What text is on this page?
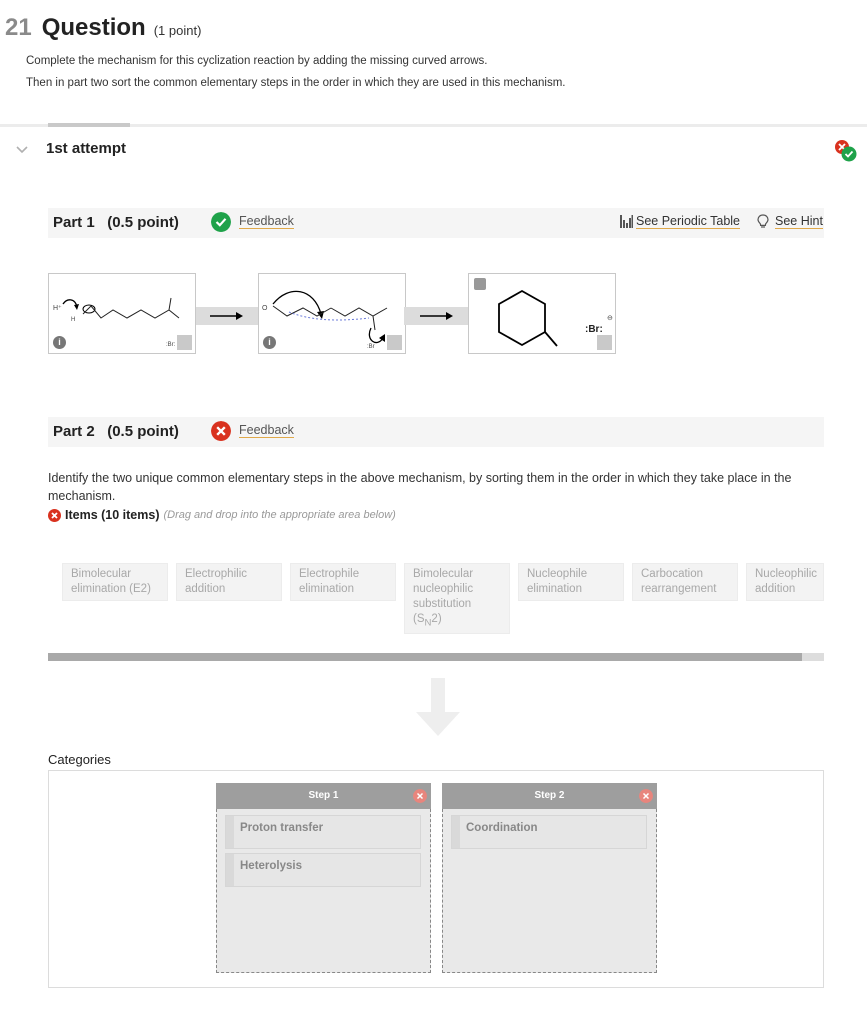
21 Question (1 point)
Complete the mechanism for this cyclization reaction by adding the missing curved arrows.
Then in part two sort the common elementary steps in the order in which they are used in this mechanism.
1st attempt
Part 1 (0.5 point)	Feedback	See Periodic Table	See Hint
H⁺
H
:Br:
i
O
:Br
i
:Br:
⊖
Part 2 (0.5 point)	Feedback
Identify the two unique common elementary steps in the above mechanism, by sorting them in the order in which they take place in the mechanism.
Items (10 items) (Drag and drop into the appropriate area below)
Bimolecular elimination (E2)
Electrophilic addition
Electrophile elimination
Bimolecular nucleophilic substitution $(S_N2)$
Nucleophile elimination
Carbocation rearrangement
Nucleophilic addition
Categories
Step 1
Proton transfer
Heterolysis
Step 2
Coordination
